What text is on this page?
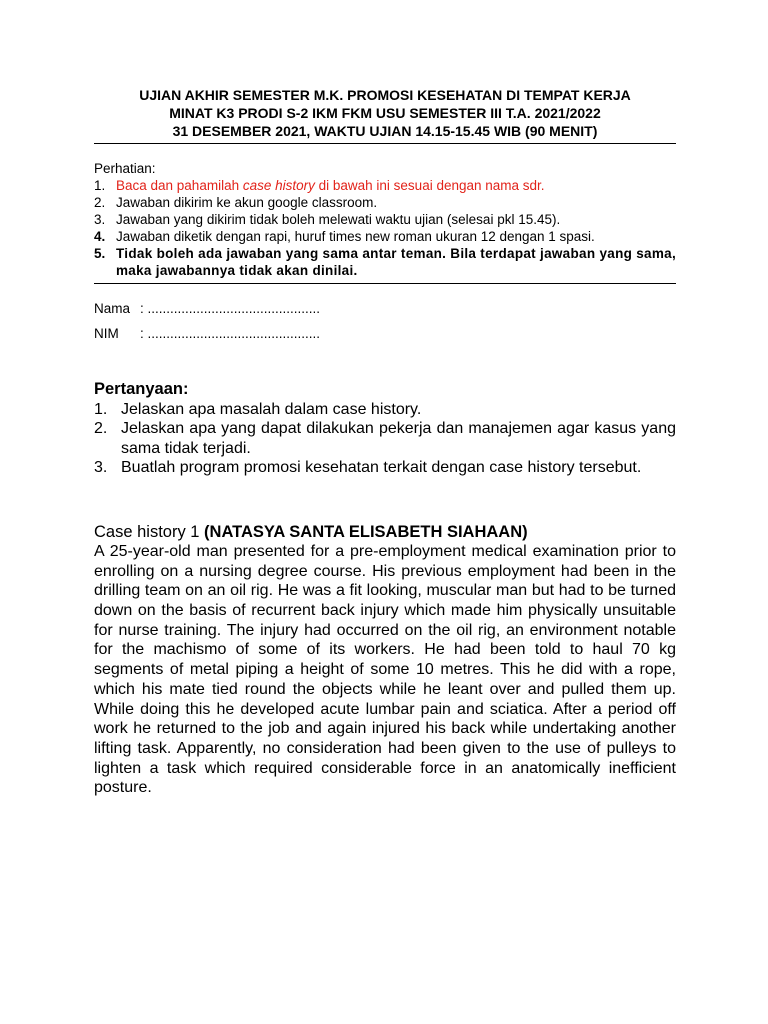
UJIAN AKHIR SEMESTER M.K. PROMOSI KESEHATAN DI TEMPAT KERJA
MINAT K3 PRODI S-2 IKM FKM USU SEMESTER III T.A. 2021/2022
31 DESEMBER 2021, WAKTU UJIAN 14.15-15.45 WIB (90 MENIT)
Perhatian:
1. Baca dan pahamilah case history di bawah ini sesuai dengan nama sdr.
2. Jawaban dikirim ke akun google classroom.
3. Jawaban yang dikirim tidak boleh melewati waktu ujian (selesai pkl 15.45).
4. Jawaban diketik dengan rapi, huruf times new roman ukuran 12 dengan 1 spasi.
5. Tidak boleh ada jawaban yang sama antar teman. Bila terdapat jawaban yang sama, maka jawabannya tidak akan dinilai.
Nama : ..............................................
NIM	: ..............................................
Pertanyaan:
1. Jelaskan apa masalah dalam case history.
2. Jelaskan apa yang dapat dilakukan pekerja dan manajemen agar kasus yang sama tidak terjadi.
3. Buatlah program promosi kesehatan terkait dengan case history tersebut.
Case history 1 (NATASYA SANTA ELISABETH SIAHAAN)
A 25-year-old man presented for a pre-employment medical examination prior to enrolling on a nursing degree course. His previous employment had been in the drilling team on an oil rig. He was a fit looking, muscular man but had to be turned down on the basis of recurrent back injury which made him physically unsuitable for nurse training. The injury had occurred on the oil rig, an environment notable for the machismo of some of its workers. He had been told to haul 70 kg segments of metal piping a height of some 10 metres. This he did with a rope, which his mate tied round the objects while he leant over and pulled them up. While doing this he developed acute lumbar pain and sciatica. After a period off work he returned to the job and again injured his back while undertaking another lifting task. Apparently, no consideration had been given to the use of pulleys to lighten a task which required considerable force in an anatomically inefficient posture.
